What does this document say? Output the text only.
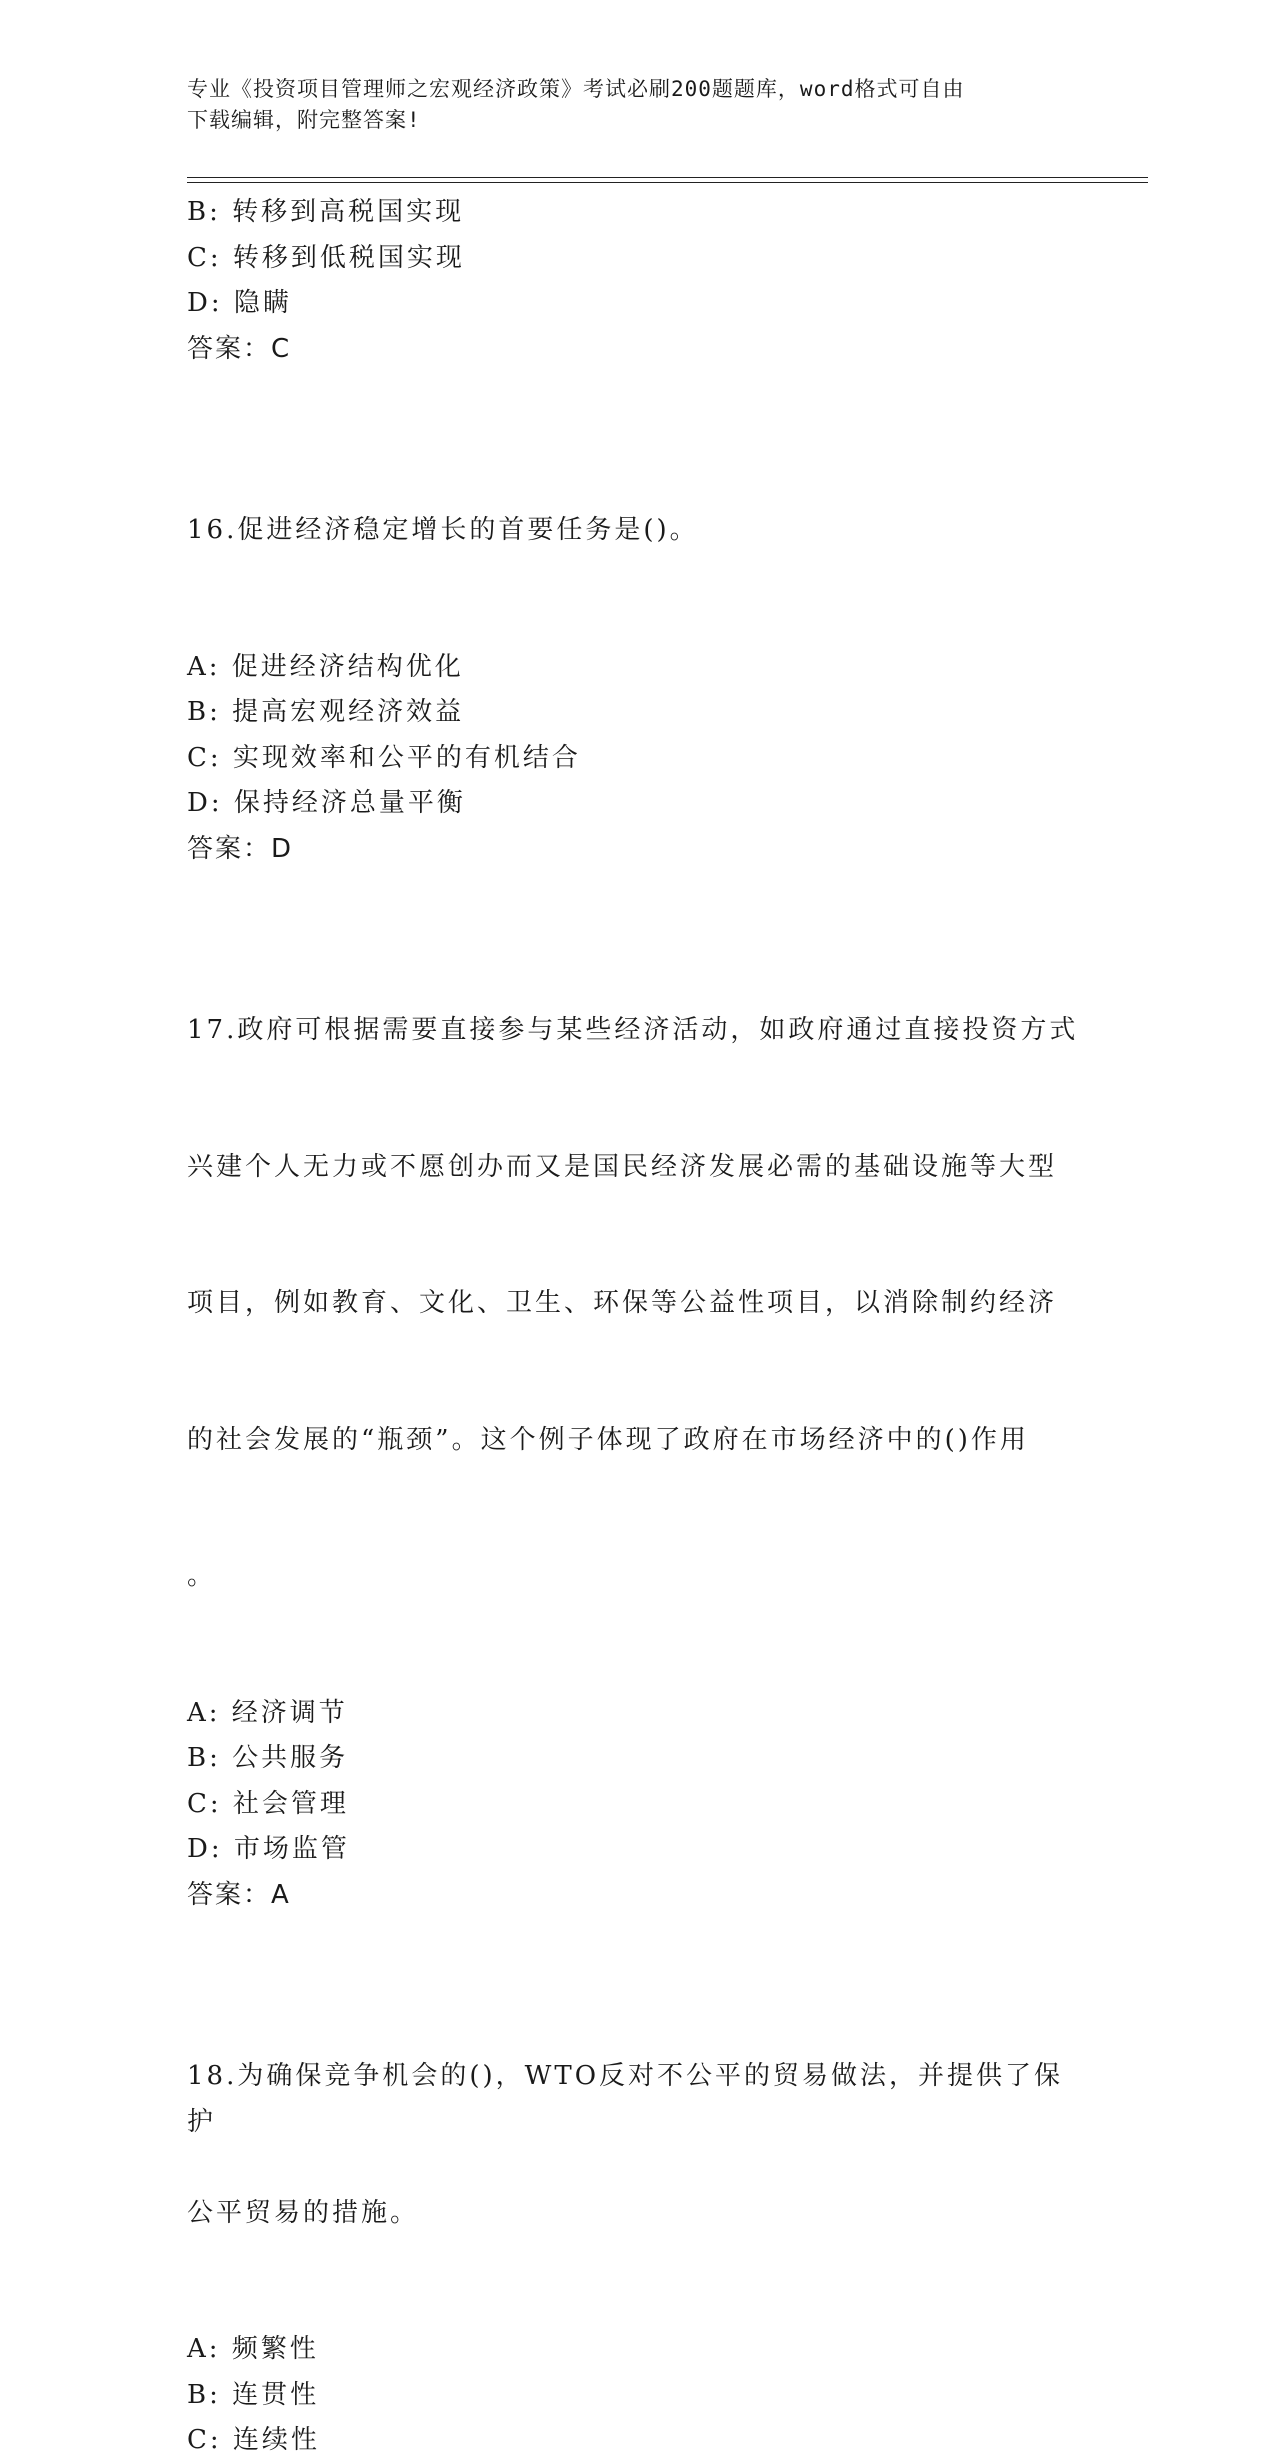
专业《投资项目管理师之宏观经济政策》考试必刷200题题库，word格式可自由
下载编辑，附完整答案!
B: 转移到高税国实现
C: 转移到低税国实现
D: 隐瞒
答案：C

16.促进经济稳定增长的首要任务是()。

A: 促进经济结构优化
B: 提高宏观经济效益
C: 实现效率和公平的有机结合
D: 保持经济总量平衡
答案：D

17.政府可根据需要直接参与某些经济活动，如政府通过直接投资方式

兴建个人无力或不愿创办而又是国民经济发展必需的基础设施等大型

项目，例如教育、文化、卫生、环保等公益性项目，以消除制约经济

的社会发展的“瓶颈”。这个例子体现了政府在市场经济中的()作用

。

A: 经济调节
B: 公共服务
C: 社会管理
D: 市场监管
答案：A

18.为确保竞争机会的()，WTO反对不公平的贸易做法，并提供了保护

公平贸易的措施。

A: 频繁性
B: 连贯性
C: 连续性
